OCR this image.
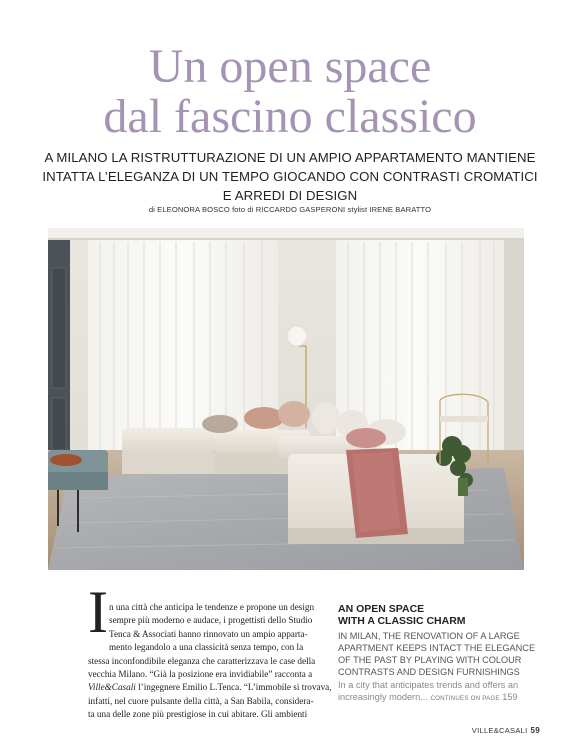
Un open space
dal fascino classico
A MILANO LA RISTRUTTURAZIONE DI UN AMPIO APPARTAMENTO MANTIENE INTATTA L’ELEGANZA DI UN TEMPO GIOCANDO CON CONTRASTI CROMATICI E ARREDI DI DESIGN
di ELEONORA BOSCO foto di RICCARDO GASPERONI stylist IRENE BARATTO
I n una città che anticipa le tendenze e propone un design
sempre più moderno e audace, i progettisti dello Studio
Tenca & Associati hanno rinnovato un ampio apparta-
mento legandolo a una classicità senza tempo, con la
stessa inconfondibile eleganza che caratterizzava le case della
vecchia Milano. “Già la posizione era invidiabile” racconta a
Ville&Casali l’ingegnere Emilio L.Tenca. “L’immobile si trovava,
infatti, nel cuore pulsante della città, a San Babila, considera-
ta una delle zone più prestigiose in cui abitare. Gli ambienti
AN OPEN SPACE
WITH A CLASSIC CHARM
IN MILAN, THE RENOVATION OF A LARGE APARTMENT KEEPS INTACT THE ELEGANCE OF THE PAST BY PLAYING WITH COLOUR CONTRASTS AND DESIGN FURNISHINGS
In a city that anticipates trends and offers an increasingly modern... CONTINUES ON PAGE 159
VILLE&CASALI 59
